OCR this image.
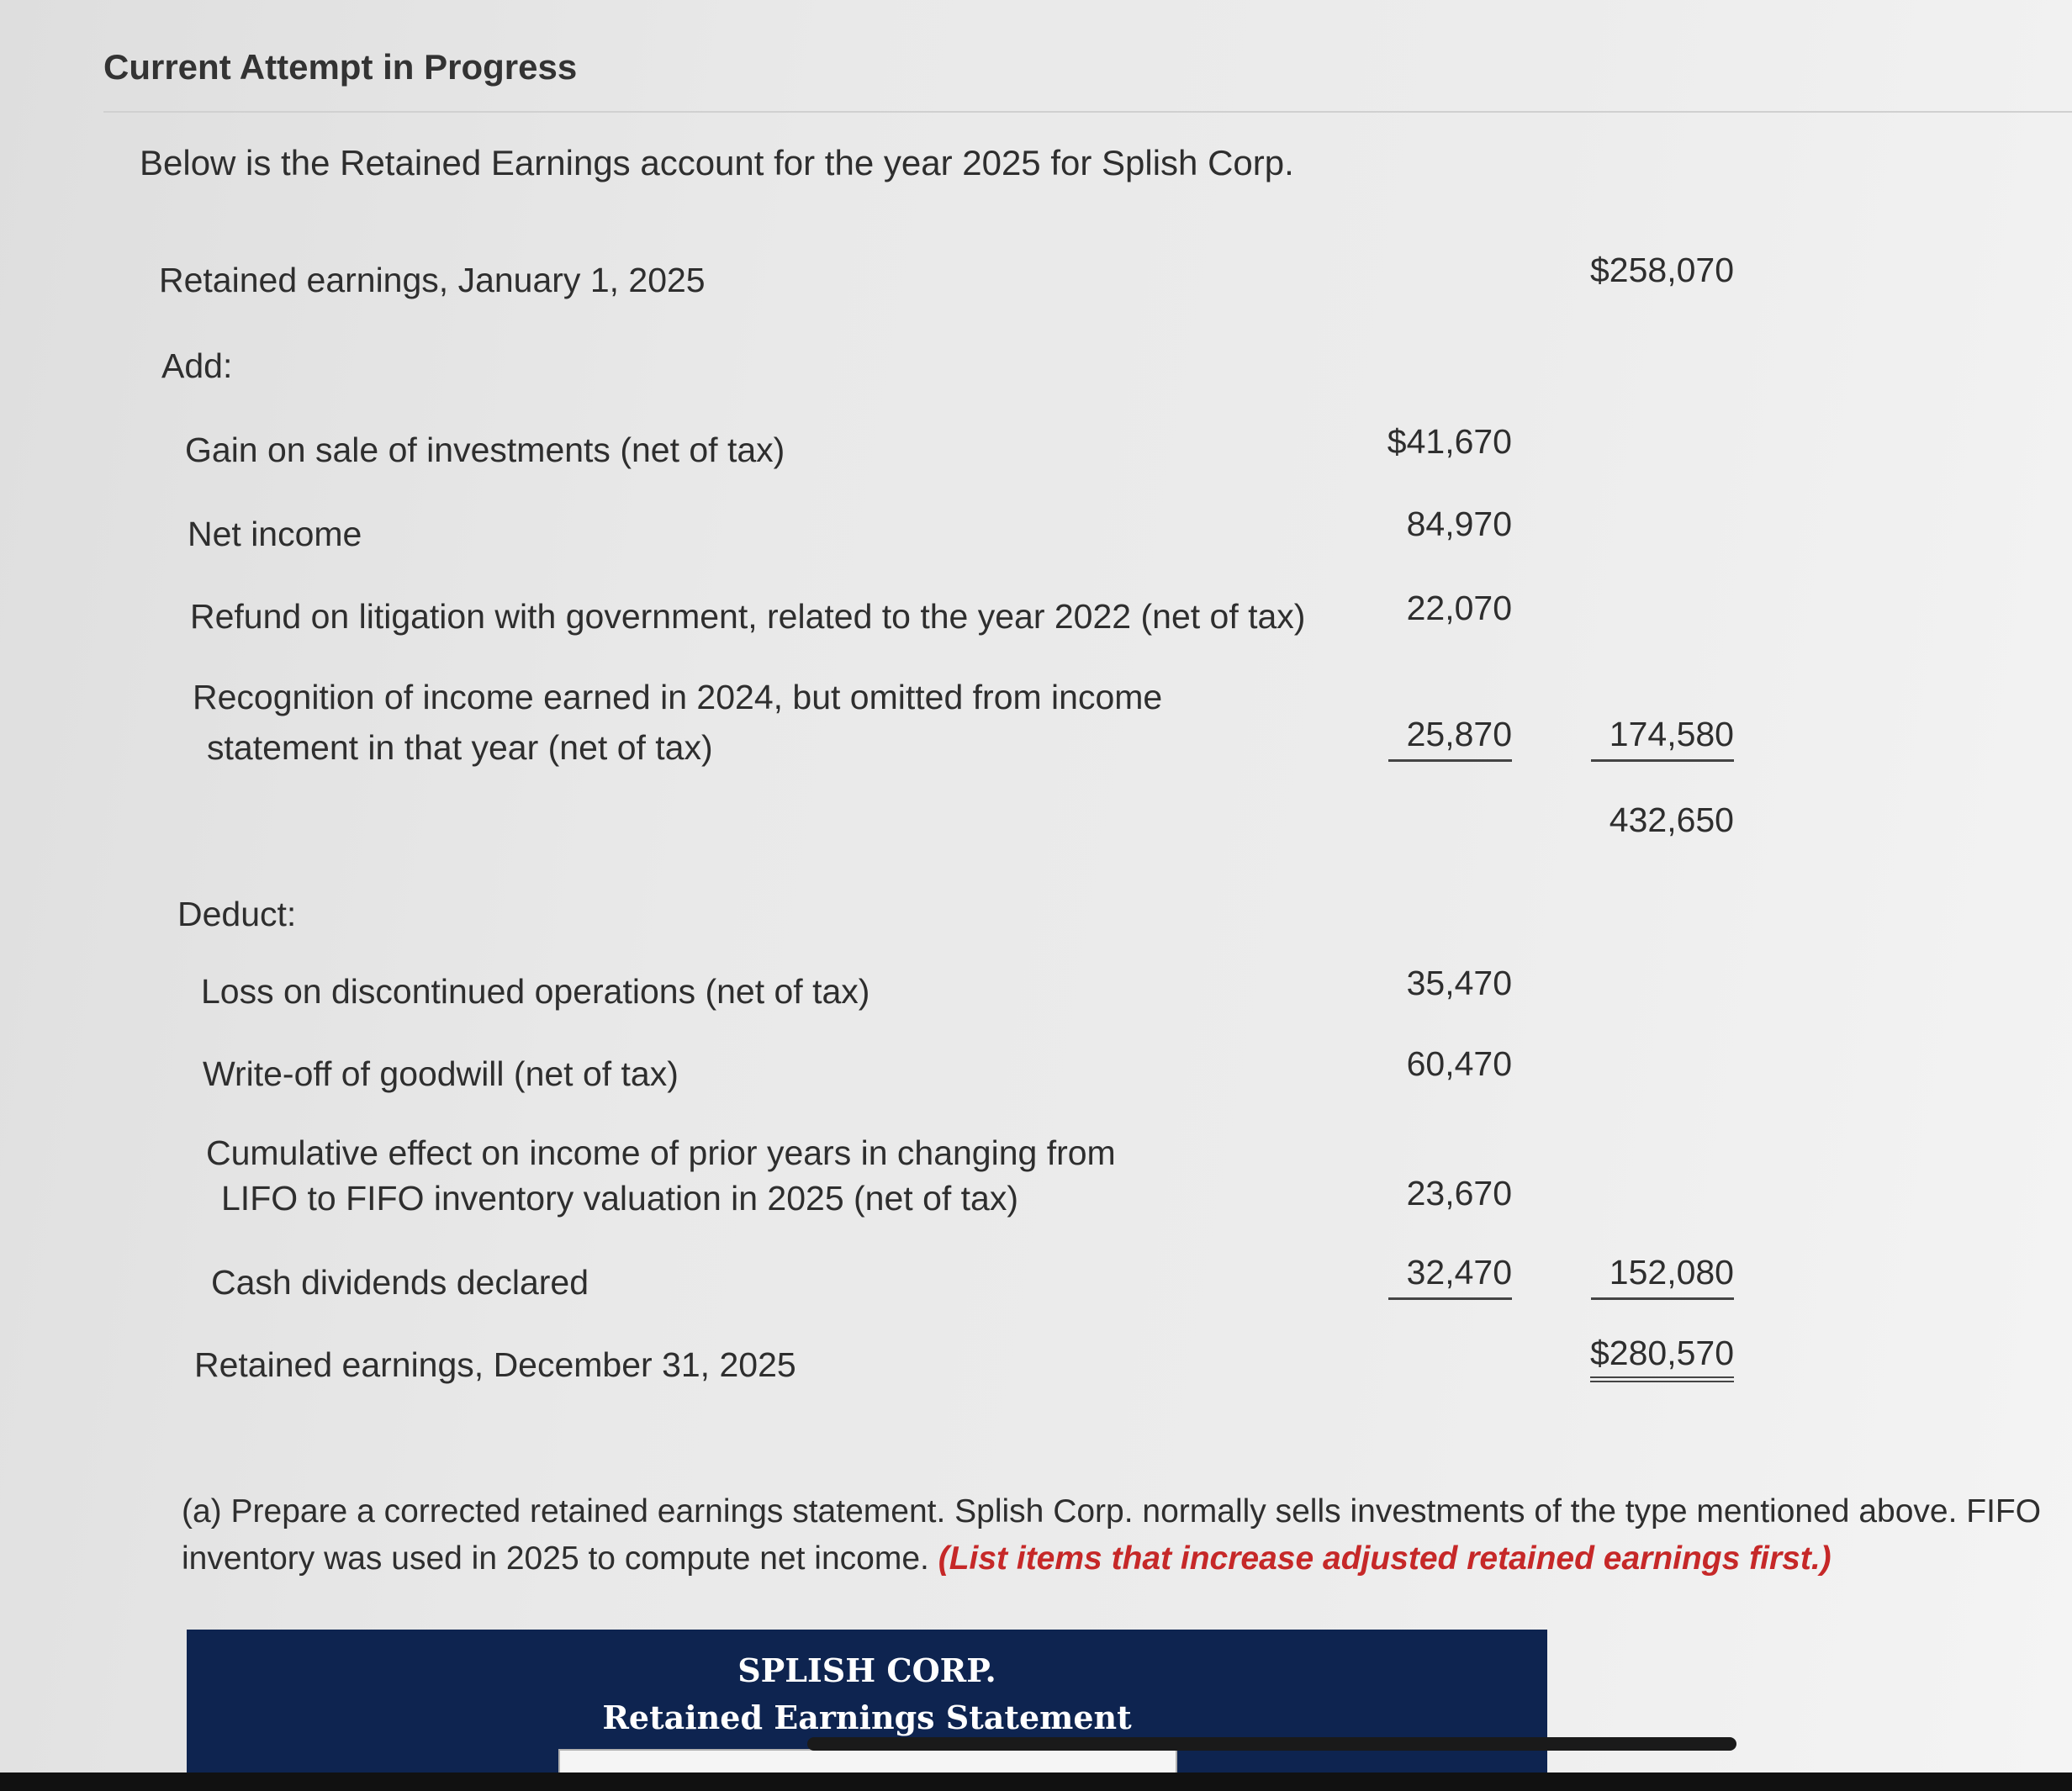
Current Attempt in Progress
Below is the Retained Earnings account for the year 2025 for Splish Corp.
Retained earnings, January 1, 2025	$258,070
Add:
Gain on sale of investments (net of tax)	$41,670
Net income	84,970
Refund on litigation with government, related to the year 2022 (net of tax)	22,070
Recognition of income earned in 2024, but omitted from income
statement in that year (net of tax)	25,870	174,580
432,650
Deduct:
Loss on discontinued operations (net of tax)	35,470
Write-off of goodwill (net of tax)	60,470
Cumulative effect on income of prior years in changing from
LIFO to FIFO inventory valuation in 2025 (net of tax)	23,670
Cash dividends declared	32,470	152,080
Retained earnings, December 31, 2025	$280,570
(a) Prepare a corrected retained earnings statement. Splish Corp. normally sells investments of the type mentioned above. FIFO inventory was used in 2025 to compute net income. (List items that increase adjusted retained earnings first.)
SPLISH CORP.
Retained Earnings Statement
